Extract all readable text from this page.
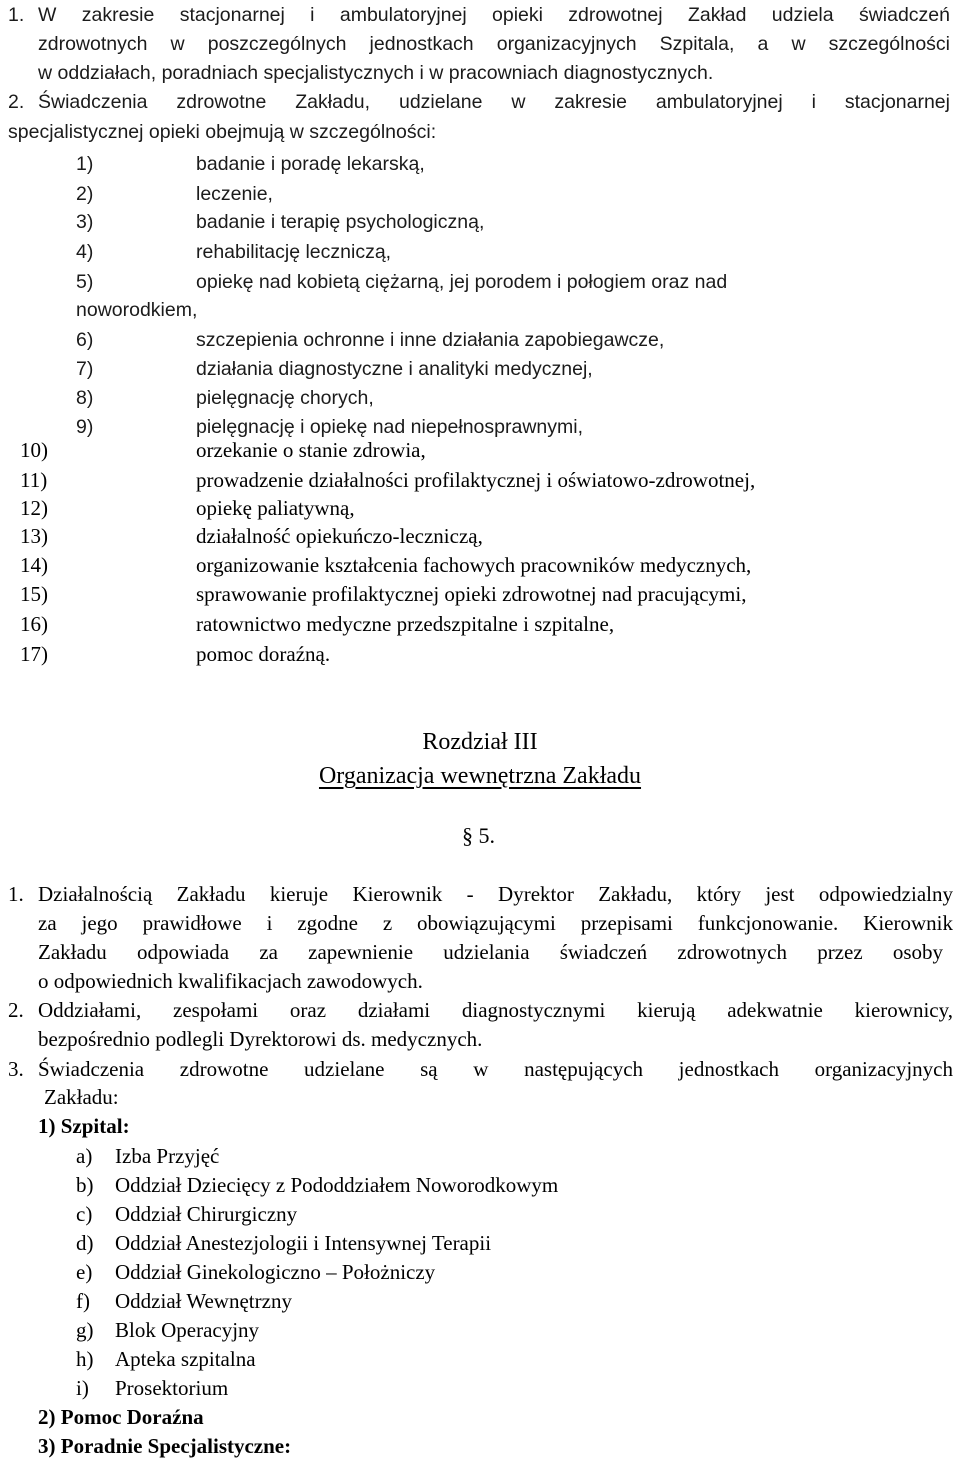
1. W zakresie stacjonarnej i ambulatoryjnej opieki zdrowotnej Zakład udziela świadczeń
zdrowotnych w poszczególnych jednostkach organizacyjnych Szpitala, a w szczególności
w oddziałach, poradniach specjalistycznych i w pracowniach diagnostycznych.
2. Świadczenia zdrowotne Zakładu, udzielane w zakresie ambulatoryjnej i stacjonarnej
specjalistycznej opieki obejmują w szczególności:
1)	badanie i poradę lekarską,
2)	leczenie,
3)	badanie i terapię psychologiczną,
4)	rehabilitację leczniczą,
5)	opiekę nad kobietą ciężarną, jej porodem i połogiem oraz nad
noworodkiem,
6)	szczepienia ochronne i inne działania zapobiegawcze,
7)	działania diagnostyczne i analityki medycznej,
8)	pielęgnację chorych,
9)	pielęgnację i opiekę nad niepełnosprawnymi,
10)	orzekanie o stanie zdrowia,
11)	prowadzenie działalności profilaktycznej i oświatowo-zdrowotnej,
12)	opiekę paliatywną,
13)	działalność opiekuńczo-leczniczą,
14)	organizowanie kształcenia fachowych pracowników medycznych,
15)	sprawowanie profilaktycznej opieki zdrowotnej nad pracującymi,
16)	ratownictwo medyczne przedszpitalne i szpitalne,
17)	pomoc doraźną.
Rozdział III
Organizacja wewnętrzna Zakładu
§ 5.
1. Działalnością Zakładu kieruje Kierownik - Dyrektor Zakładu, który jest odpowiedzialny
za jego prawidłowe i zgodne z obowiązującymi przepisami funkcjonowanie. Kierownik
Zakładu odpowiada za zapewnienie udzielania świadczeń zdrowotnych przez osoby
o odpowiednich kwalifikacjach zawodowych.
2. Oddziałami, zespołami oraz działami diagnostycznymi kierują adekwatnie kierownicy,
bezpośrednio podlegli Dyrektorowi ds. medycznych.
3. Świadczenia zdrowotne udzielane są w następujących jednostkach organizacyjnych
Zakładu:
1) Szpital:
a) Izba Przyjęć
b) Oddział Dziecięcy z Pododdziałem Noworodkowym
c) Oddział Chirurgiczny
d) Oddział Anestezjologii i Intensywnej Terapii
e) Oddział Ginekologiczno – Położniczy
f) Oddział Wewnętrzny
g) Blok Operacyjny
h) Apteka szpitalna
i) Prosektorium
2) Pomoc Doraźna
3) Poradnie Specjalistyczne:
